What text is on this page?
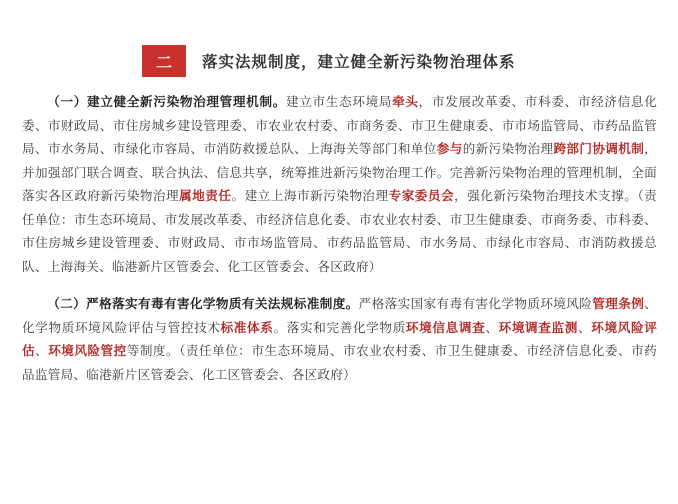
二	落实法规制度，建立健全新污染物治理体系

（一）建立健全新污染物治理管理机制。建立市生态环境局牵头，市发展改革委、市科委、市经济信息化委、市财政局、市住房城乡建设管理委、市农业农村委、市商务委、市卫生健康委、市市场监管局、市药品监管局、市水务局、市绿化市容局、市消防救援总队、上海海关等部门和单位参与的新污染物治理跨部门协调机制，并加强部门联合调查、联合执法、信息共享，统筹推进新污染物治理工作。完善新污染物治理的管理机制，全面落实各区政府新污染物治理属地责任。建立上海市新污染物治理专家委员会，强化新污染物治理技术支撑。（责任单位：市生态环境局、市发展改革委、市经济信息化委、市农业农村委、市卫生健康委、市商务委、市科委、市住房城乡建设管理委、市财政局、市市场监管局、市药品监管局、市水务局、市绿化市容局、市消防救援总队、上海海关、临港新片区管委会、化工区管委会、各区政府）

（二）严格落实有毒有害化学物质有关法规标准制度。严格落实国家有毒有害化学物质环境风险管理条例、化学物质环境风险评估与管控技术标准体系。落实和完善化学物质环境信息调查、环境调查监测、环境风险评估、环境风险管控等制度。（责任单位：市生态环境局、市农业农村委、市卫生健康委、市经济信息化委、市药品监管局、临港新片区管委会、化工区管委会、各区政府）
